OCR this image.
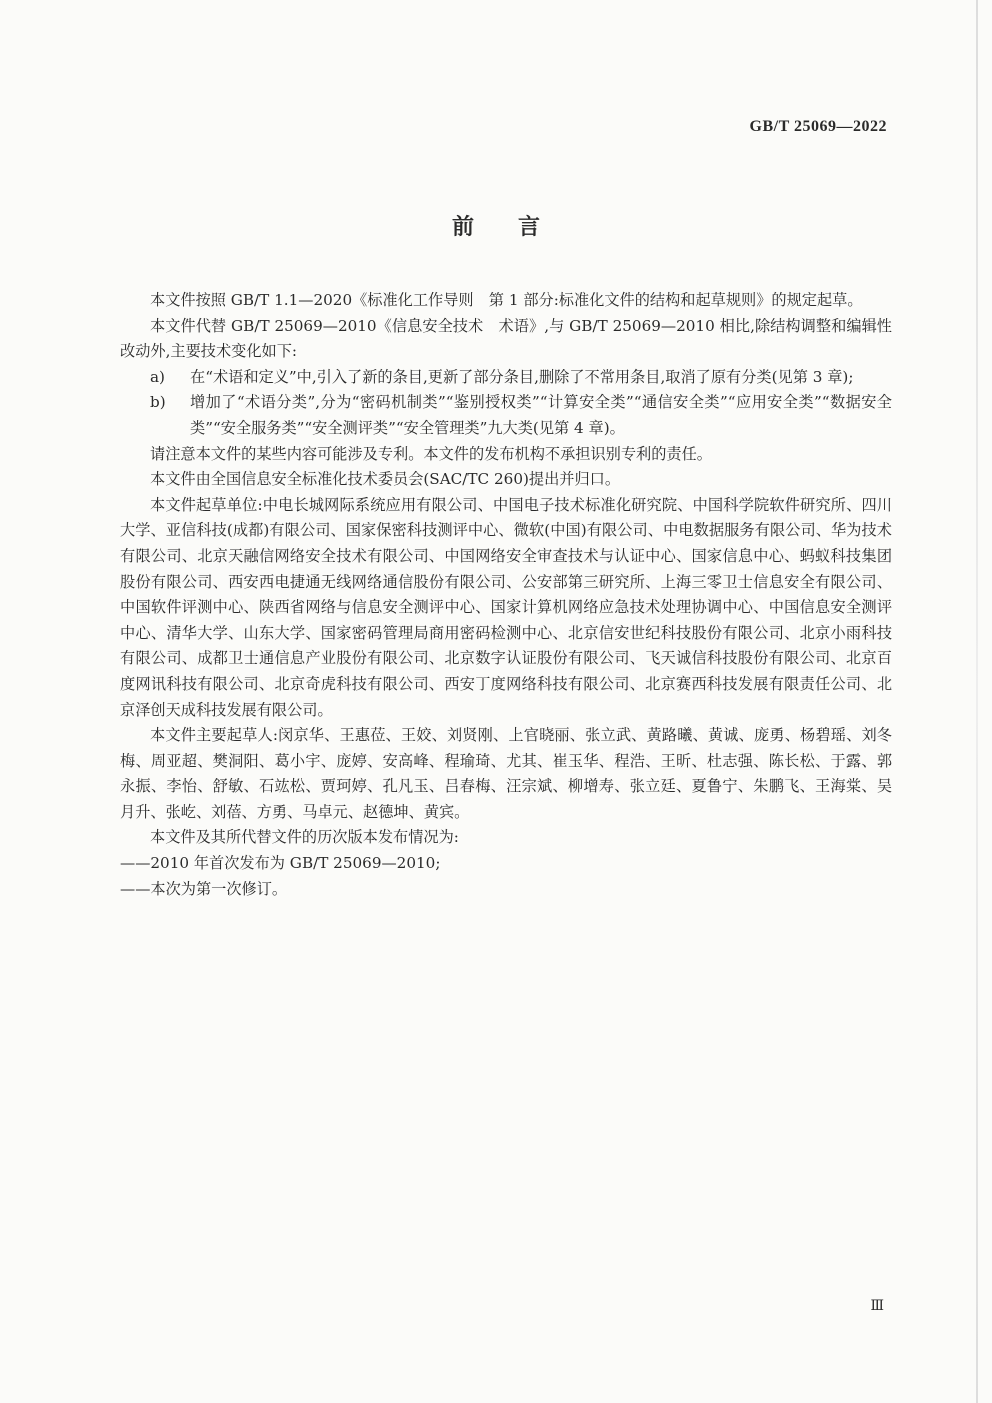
GB/T 25069—2022
前言

本文件按照 GB/T 1.1—2020《标准化工作导则　第 1 部分:标准化文件的结构和起草规则》的规定起草。

本文件代替 GB/T 25069—2010《信息安全技术　术语》,与 GB/T 25069—2010 相比,除结构调整和编辑性改动外,主要技术变化如下:

a)	在“术语和定义”中,引入了新的条目,更新了部分条目,删除了不常用条目,取消了原有分类(见第 3 章);
b)	增加了“术语分类”,分为“密码机制类”“鉴别授权类”“计算安全类”“通信安全类”“应用安全类”“数据安全类”“安全服务类”“安全测评类”“安全管理类”九大类(见第 4 章)。

请注意本文件的某些内容可能涉及专利。本文件的发布机构不承担识别专利的责任。

本文件由全国信息安全标准化技术委员会(SAC/TC 260)提出并归口。

本文件起草单位:中电长城网际系统应用有限公司、中国电子技术标准化研究院、中国科学院软件研究所、四川大学、亚信科技(成都)有限公司、国家保密科技测评中心、微软(中国)有限公司、中电数据服务有限公司、华为技术有限公司、北京天融信网络安全技术有限公司、中国网络安全审查技术与认证中心、国家信息中心、蚂蚁科技集团股份有限公司、西安西电捷通无线网络通信股份有限公司、公安部第三研究所、上海三零卫士信息安全有限公司、中国软件评测中心、陕西省网络与信息安全测评中心、国家计算机网络应急技术处理协调中心、中国信息安全测评中心、清华大学、山东大学、国家密码管理局商用密码检测中心、北京信安世纪科技股份有限公司、北京小雨科技有限公司、成都卫士通信息产业股份有限公司、北京数字认证股份有限公司、飞天诚信科技股份有限公司、北京百度网讯科技有限公司、北京奇虎科技有限公司、西安丁度网络科技有限公司、北京赛西科技发展有限责任公司、北京泽创天成科技发展有限公司。

本文件主要起草人:闵京华、王惠莅、王姣、刘贤刚、上官晓丽、张立武、黄路曦、黄诚、庞勇、杨碧瑶、刘冬梅、周亚超、樊洞阳、葛小宇、庞婷、安高峰、程瑜琦、尤其、崔玉华、程浩、王昕、杜志强、陈长松、于露、郭永振、李怡、舒敏、石竑松、贾珂婷、孔凡玉、吕春梅、汪宗斌、柳增寿、张立廷、夏鲁宁、朱鹏飞、王海棠、吴月升、张屹、刘蓓、方勇、马卓元、赵德坤、黄宾。

本文件及其所代替文件的历次版本发布情况为:

——2010 年首次发布为 GB/T 25069—2010;

——本次为第一次修订。

Ⅲ
